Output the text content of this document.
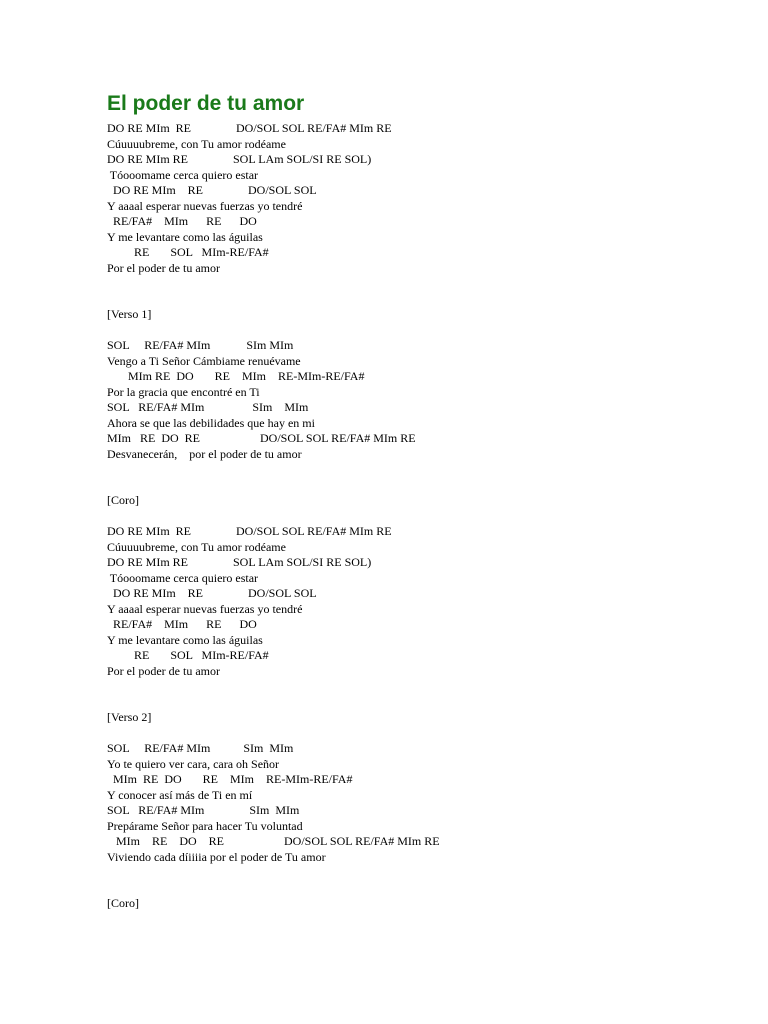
El poder de tu amor
DO RE MIm  RE               DO/SOL SOL RE/FA# MIm RE
Cúuuuubreme, con Tu amor rodéame
DO RE MIm RE               SOL LAm SOL/SI RE SOL)
Tóooomame cerca quiero estar
DO RE MIm    RE               DO/SOL SOL
Y aaaal esperar nuevas fuerzas yo tendré
RE/FA#    MIm      RE      DO
Y me levantare como las águilas
RE       SOL   MIm-RE/FA#
Por el poder de tu amor
[Verso 1]
SOL     RE/FA# MIm            SIm MIm
Vengo a Ti Señor Cámbiame renuévame
MIm RE  DO       RE    MIm    RE-MIm-RE/FA#
Por la gracia que encontré en Ti
SOL   RE/FA# MIm                SIm    MIm
Ahora se que las debilidades que hay en mi
MIm   RE  DO  RE                    DO/SOL SOL RE/FA# MIm RE
Desvanecerán,    por el poder de tu amor
[Coro]
DO RE MIm  RE               DO/SOL SOL RE/FA# MIm RE
Cúuuuubreme, con Tu amor rodéame
DO RE MIm RE               SOL LAm SOL/SI RE SOL)
Tóooomame cerca quiero estar
DO RE MIm    RE               DO/SOL SOL
Y aaaal esperar nuevas fuerzas yo tendré
RE/FA#    MIm      RE      DO
Y me levantare como las águilas
RE       SOL   MIm-RE/FA#
Por el poder de tu amor
[Verso 2]
SOL     RE/FA# MIm           SIm  MIm
Yo te quiero ver cara, cara oh Señor
MIm  RE  DO       RE    MIm    RE-MIm-RE/FA#
Y conocer así más de Ti en mí
SOL   RE/FA# MIm               SIm  MIm
Prepárame Señor para hacer Tu voluntad
MIm    RE    DO    RE                    DO/SOL SOL RE/FA# MIm RE
Viviendo cada díiiiia por el poder de Tu amor
[Coro]
